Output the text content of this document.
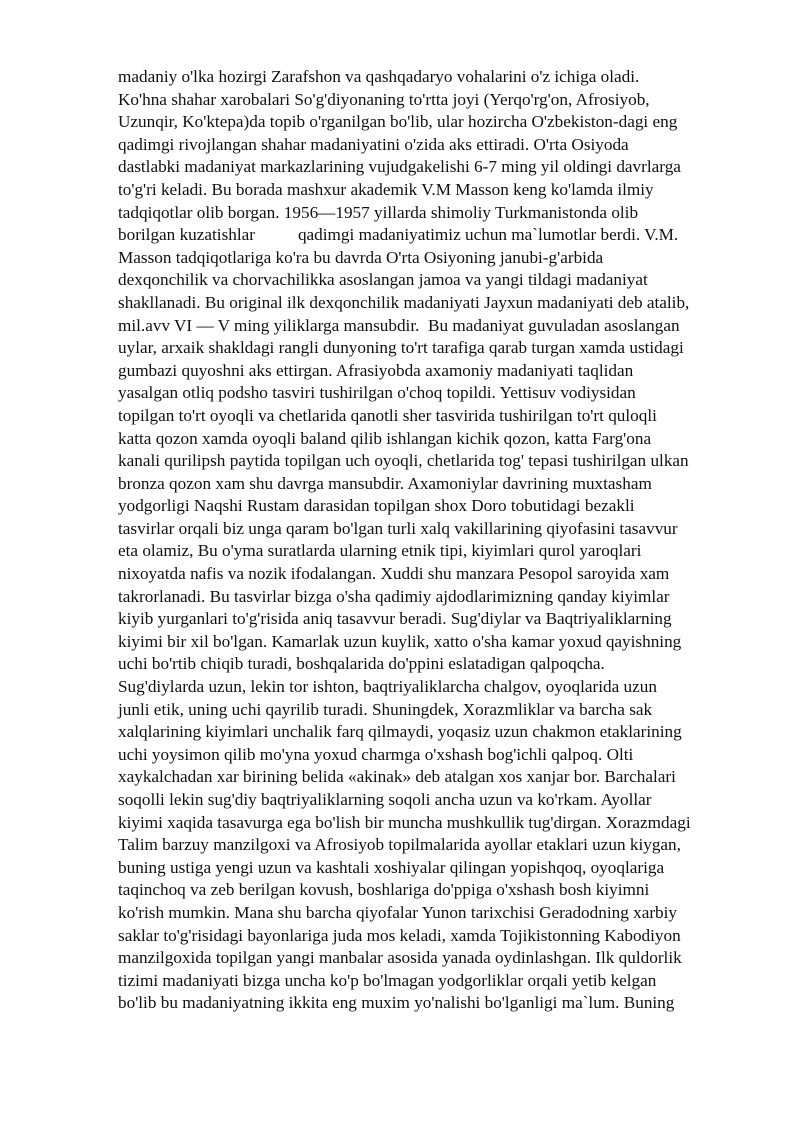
madaniy o'lka hozirgi Zarafshon va qashqadaryo vohalarini o'z ichiga oladi.
Ko'hna shahar xarobalari So'g'diyonaning to'rtta joyi (Yerqo'rg'on, Afrosiyob,
Uzunqir, Ko'ktepa)da topib o'rganilgan bo'lib, ular hozircha O'zbekiston-dagi eng
qadimgi rivojlangan shahar madaniyatini o'zida aks ettiradi. O'rta Osiyoda
dastlabki madaniyat markazlarining vujudgakelishi 6-7 ming yil oldingi davrlarga
to'g'ri keladi. Bu borada mashxur akademik V.M Masson keng ko'lamda ilmiy
tadqiqotlar olib borgan. 1956—1957 yillarda shimoliy Turkmanistonda olib
borilgan kuzatishlar          qadimgi madaniyatimiz uchun ma`lumotlar berdi. V.M.
Masson tadqiqotlariga ko'ra bu davrda O'rta Osiyoning janubi-g'arbida
dexqonchilik va chorvachilikka asoslangan jamoa va yangi tildagi madaniyat
shakllanadi. Bu original ilk dexqonchilik madaniyati Jayxun madaniyati deb atalib,
mil.avv VI — V ming yiliklarga mansubdir.  Bu madaniyat guvuladan asoslangan
uylar, arxaik shakldagi rangli dunyoning to'rt tarafiga qarab turgan xamda ustidagi
gumbazi quyoshni aks ettirgan. Afrasiyobda axamoniy madaniyati taqlidan
yasalgan otliq podsho tasviri tushirilgan o'choq topildi. Yettisuv vodiysidan
topilgan to'rt oyoqli va chetlarida qanotli sher tasvirida tushirilgan to'rt quloqli
katta qozon xamda oyoqli baland qilib ishlangan kichik qozon, katta Farg'ona
kanali qurilipsh paytida topilgan uch oyoqli, chetlarida tog' tepasi tushirilgan ulkan
bronza qozon xam shu davrga mansubdir. Axamoniylar davrining muxtasham
yodgorligi Naqshi Rustam darasidan topilgan shox Doro tobutidagi bezakli
tasvirlar orqali biz unga qaram bo'lgan turli xalq vakillarining qiyofasini tasavvur
eta olamiz, Bu o'yma suratlarda ularning etnik tipi, kiyimlari qurol yaroqlari
nixoyatda nafis va nozik ifodalangan. Xuddi shu manzara Pesopol saroyida xam
takrorlanadi. Bu tasvirlar bizga o'sha qadimiy ajdodlarimizning qanday kiyimlar
kiyib yurganlari to'g'risida aniq tasavvur beradi. Sug'diylar va Baqtriyaliklarning
kiyimi bir xil bo'lgan. Kamarlak uzun kuylik, xatto o'sha kamar yoxud qayishning
uchi bo'rtib chiqib turadi, boshqalarida do'ppini eslatadigan qalpoqcha.
Sug'diylarda uzun, lekin tor ishton, baqtriyaliklarcha chalgov, oyoqlarida uzun
junli etik, uning uchi qayrilib turadi. Shuningdek, Xorazmliklar va barcha sak
xalqlarining kiyimlari unchalik farq qilmaydi, yoqasiz uzun chakmon etaklarining
uchi yoysimon qilib mo'yna yoxud charmga o'xshash bog'ichli qalpoq. Olti
xaykalchadan xar birining belida «akinak» deb atalgan xos xanjar bor. Barchalari
soqolli lekin sug'diy baqtriyaliklarning soqoli ancha uzun va ko'rkam. Ayollar
kiyimi xaqida tasavurga ega bo'lish bir muncha mushkullik tug'dirgan. Xorazmdagi
Talim barzuy manzilgoxi va Afrosiyob topilmalarida ayollar etaklari uzun kiygan,
buning ustiga yengi uzun va kashtali xoshiyalar qilingan yopishqoq, oyoqlariga
taqinchoq va zeb berilgan kovush, boshlariga do'ppiga o'xshash bosh kiyimni
ko'rish mumkin. Mana shu barcha qiyofalar Yunon tarixchisi Geradodning xarbiy
saklar to'g'risidagi bayonlariga juda mos keladi, xamda Tojikistonning Kabodiyon
manzilgoxida topilgan yangi manbalar asosida yanada oydinlashgan. Ilk quldorlik
tizimi madaniyati bizga uncha ko'p bo'lmagan yodgorliklar orqali yetib kelgan
bo'lib bu madaniyatning ikkita eng muxim yo'nalishi bo'lganligi ma`lum. Buning
